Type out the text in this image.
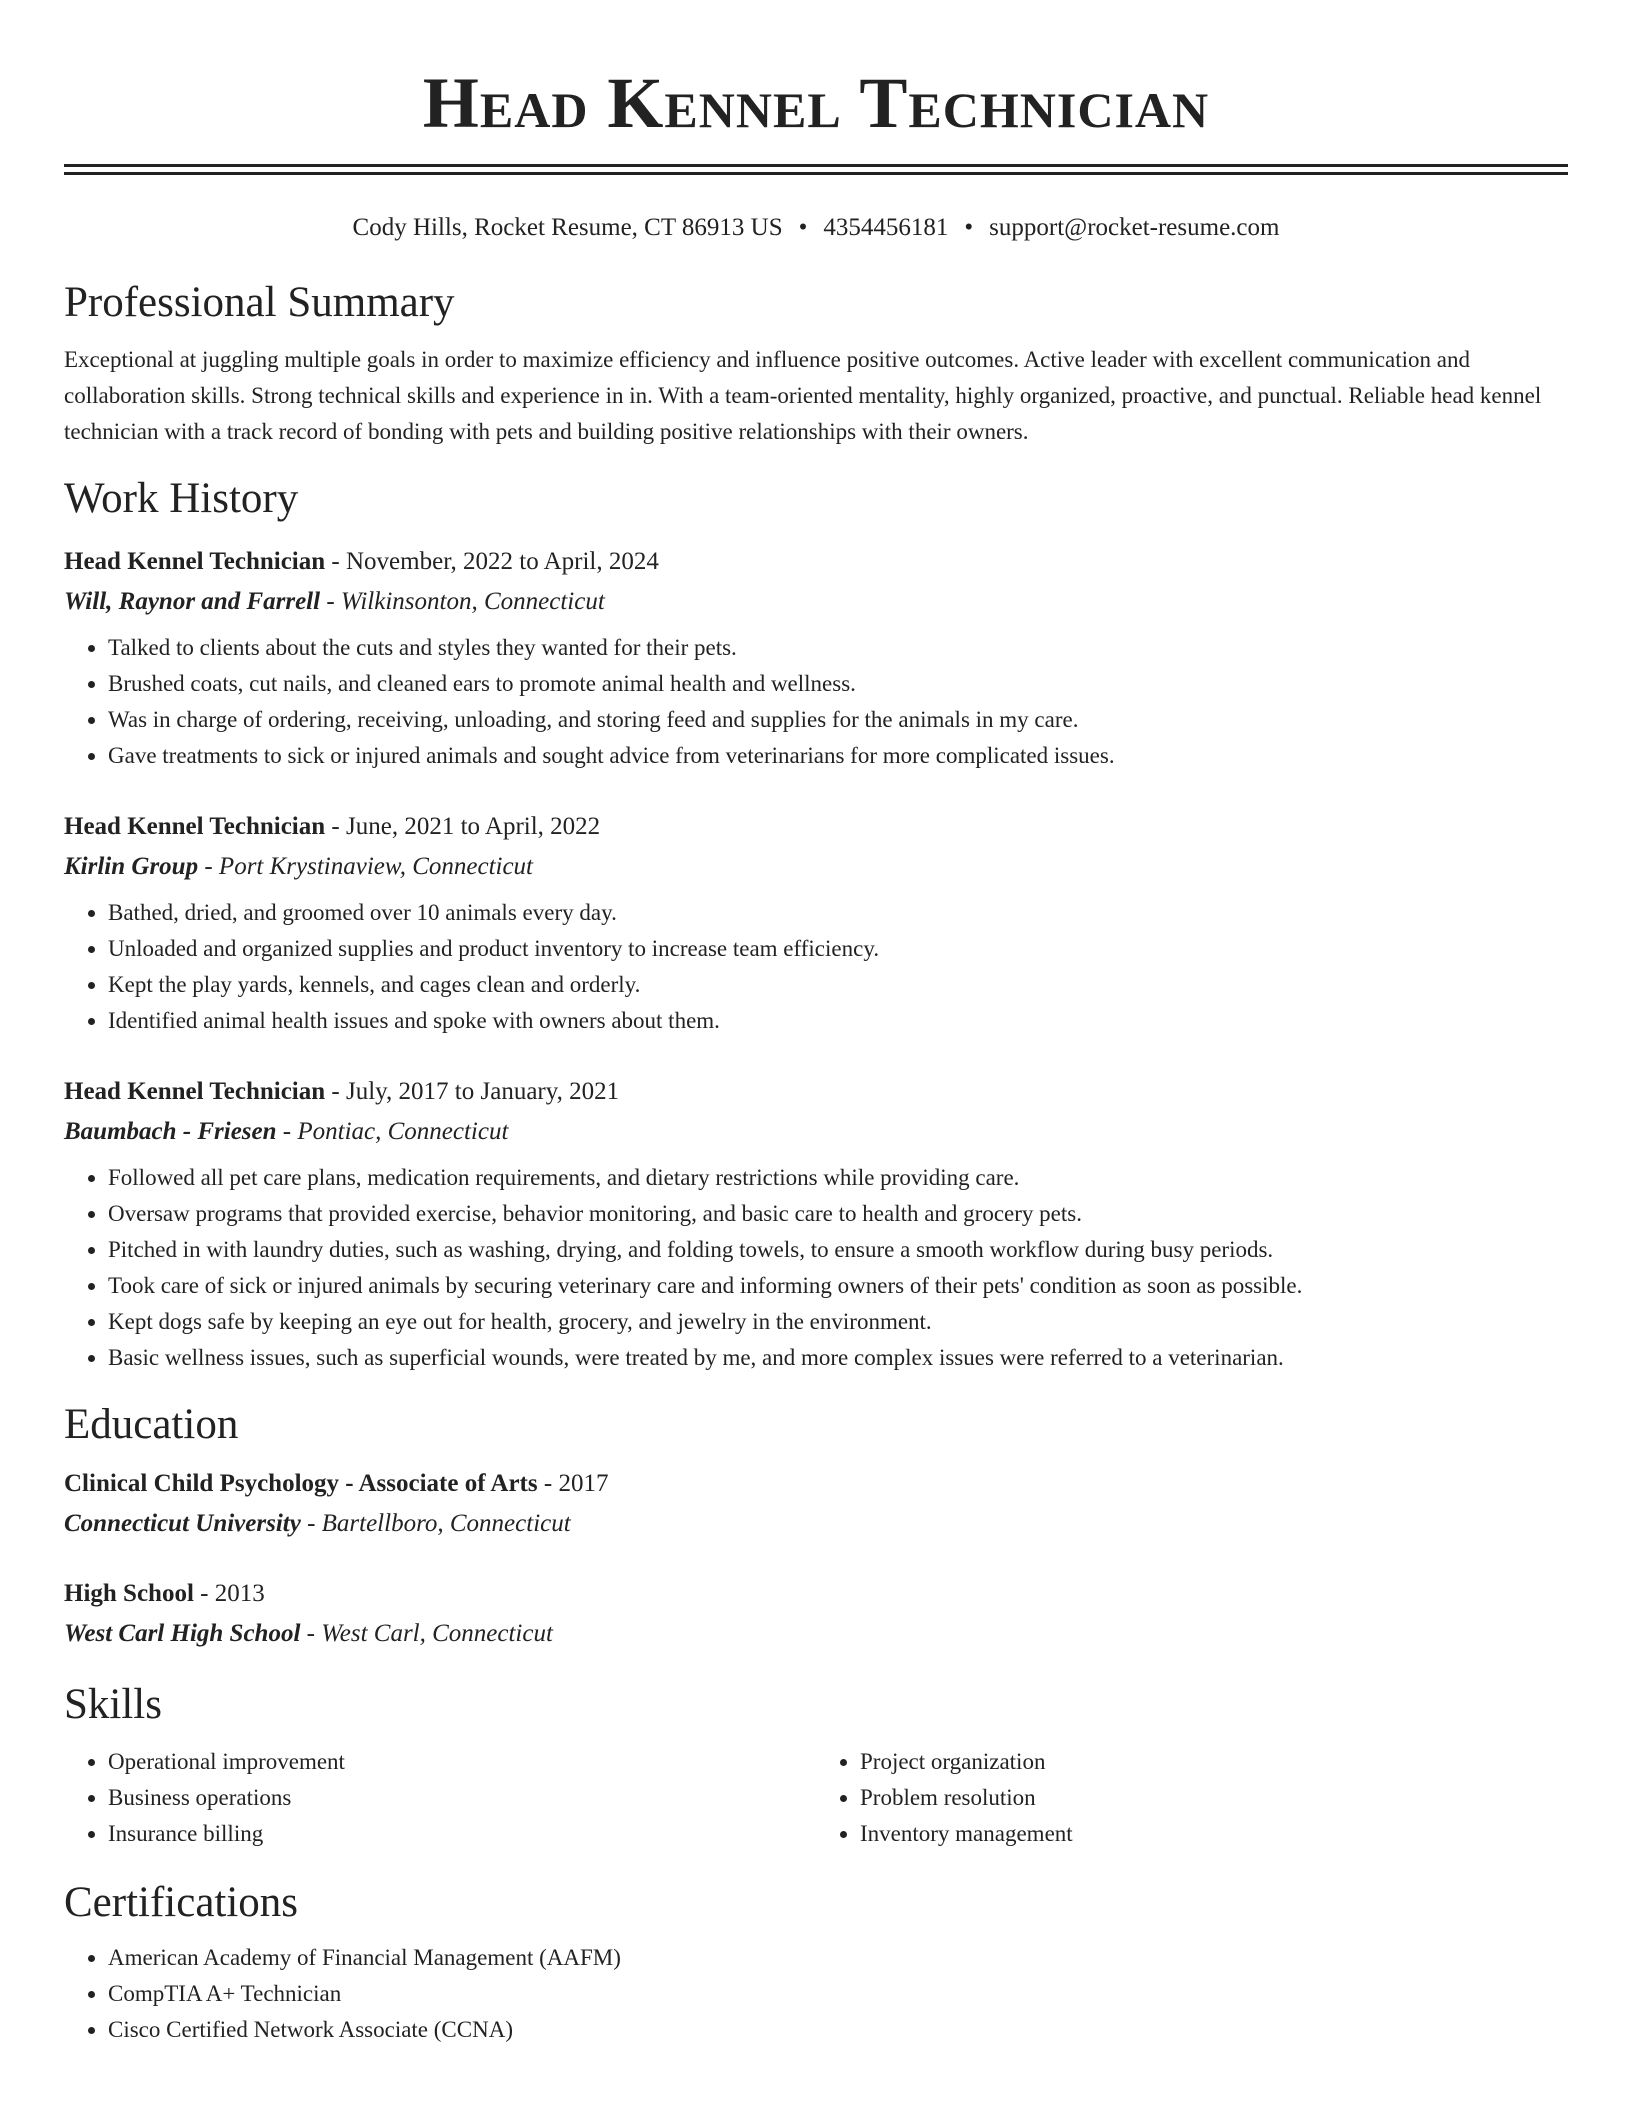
Head Kennel Technician
Cody Hills, Rocket Resume, CT 86913 US • 4354456181 • support@rocket-resume.com
Professional Summary
Exceptional at juggling multiple goals in order to maximize efficiency and influence positive outcomes. Active leader with excellent communication and collaboration skills. Strong technical skills and experience in in. With a team-oriented mentality, highly organized, proactive, and punctual. Reliable head kennel technician with a track record of bonding with pets and building positive relationships with their owners.
Work History
Head Kennel Technician - November, 2022 to April, 2024
Will, Raynor and Farrell - Wilkinsonton, Connecticut
• Talked to clients about the cuts and styles they wanted for their pets.
• Brushed coats, cut nails, and cleaned ears to promote animal health and wellness.
• Was in charge of ordering, receiving, unloading, and storing feed and supplies for the animals in my care.
• Gave treatments to sick or injured animals and sought advice from veterinarians for more complicated issues.
Head Kennel Technician - June, 2021 to April, 2022
Kirlin Group - Port Krystinaview, Connecticut
• Bathed, dried, and groomed over 10 animals every day.
• Unloaded and organized supplies and product inventory to increase team efficiency.
• Kept the play yards, kennels, and cages clean and orderly.
• Identified animal health issues and spoke with owners about them.
Head Kennel Technician - July, 2017 to January, 2021
Baumbach - Friesen - Pontiac, Connecticut
• Followed all pet care plans, medication requirements, and dietary restrictions while providing care.
• Oversaw programs that provided exercise, behavior monitoring, and basic care to health and grocery pets.
• Pitched in with laundry duties, such as washing, drying, and folding towels, to ensure a smooth workflow during busy periods.
• Took care of sick or injured animals by securing veterinary care and informing owners of their pets' condition as soon as possible.
• Kept dogs safe by keeping an eye out for health, grocery, and jewelry in the environment.
• Basic wellness issues, such as superficial wounds, were treated by me, and more complex issues were referred to a veterinarian.
Education
Clinical Child Psychology - Associate of Arts - 2017
Connecticut University - Bartellboro, Connecticut
High School - 2013
West Carl High School - West Carl, Connecticut
Skills
• Operational improvement
• Business operations
• Insurance billing
• Project organization
• Problem resolution
• Inventory management
Certifications
• American Academy of Financial Management (AAFM)
• CompTIA A+ Technician
• Cisco Certified Network Associate (CCNA)
